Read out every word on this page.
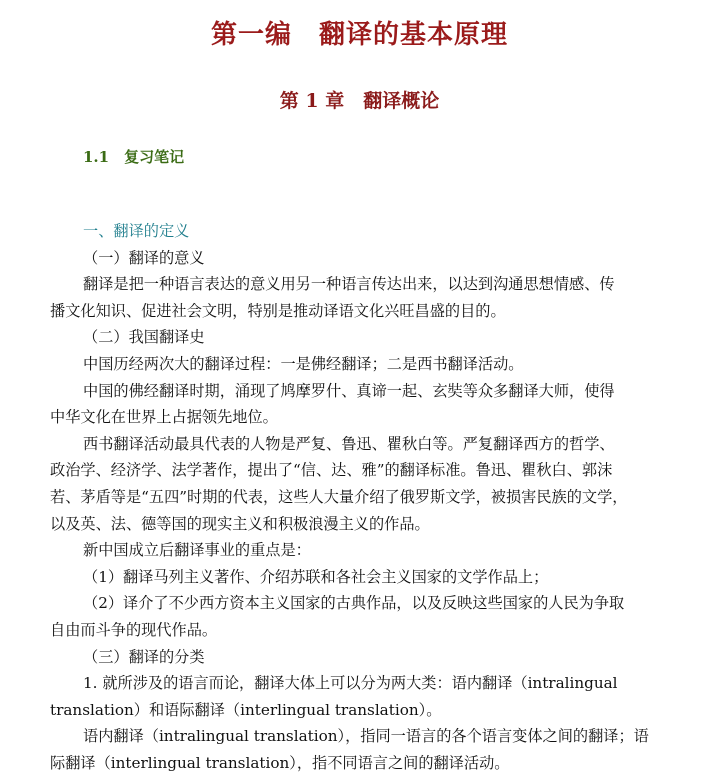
第一编　翻译的基本原理
第 1 章　翻译概论
1.1　复习笔记
一、翻译的定义
（一）翻译的意义
翻译是把一种语言表达的意义用另一种语言传达出来，以达到沟通思想情感、传
播文化知识、促进社会文明，特别是推动译语文化兴旺昌盛的目的。
（二）我国翻译史
中国历经两次大的翻译过程：一是佛经翻译；二是西书翻译活动。
中国的佛经翻译时期，涌现了鸠摩罗什、真谛一起、玄奘等众多翻译大师，使得
中华文化在世界上占据领先地位。
西书翻译活动最具代表的人物是严复、鲁迅、瞿秋白等。严复翻译西方的哲学、
政治学、经济学、法学著作，提出了“信、达、雅”的翻译标准。鲁迅、瞿秋白、郭沫
若、茅盾等是“五四”时期的代表，这些人大量介绍了俄罗斯文学，被损害民族的文学，
以及英、法、德等国的现实主义和积极浪漫主义的作品。
新中国成立后翻译事业的重点是：
（1）翻译马列主义著作、介绍苏联和各社会主义国家的文学作品上；
（2）译介了不少西方资本主义国家的古典作品，以及反映这些国家的人民为争取
自由而斗争的现代作品。
（三）翻译的分类
1. 就所涉及的语言而论，翻译大体上可以分为两大类：语内翻译（intralingual
translation）和语际翻译（interlingual translation）。
语内翻译（intralingual translation），指同一语言的各个语言变体之间的翻译；语
际翻译（interlingual translation），指不同语言之间的翻译活动。
